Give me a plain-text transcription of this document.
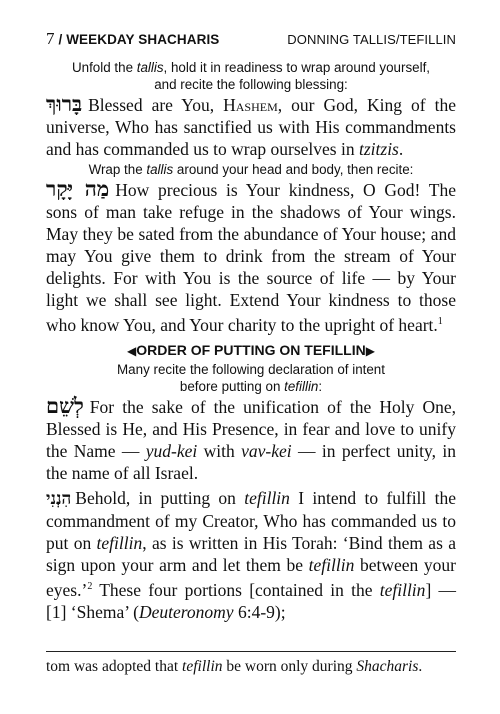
7 / WEEKDAY SHACHARIS	DONNING TALLIS/TEFILLIN

Unfold the tallis, hold it in readiness to wrap around yourself,
and recite the following blessing:

בָּרוּךְ Blessed are You, Hashem, our God, King of the universe, Who has sanctified us with His commandments and has commanded us to wrap ourselves in tzitzis.

Wrap the tallis around your head and body, then recite:

מַה יָּקָר How precious is Your kindness, O God! The sons of man take refuge in the shadows of Your wings. May they be sated from the abundance of Your house; and may You give them to drink from the stream of Your delights. For with You is the source of life — by Your light we shall see light. Extend Your kindness to those who know You, and Your charity to the upright of heart.$^1$

◀ORDER OF PUTTING ON TEFILLIN▶

Many recite the following declaration of intent
before putting on tefillin:

לְשֵׁם For the sake of the unification of the Holy One, Blessed is He, and His Presence, in fear and love to unify the Name — yud-kei with vav-kei — in perfect unity, in the name of all Israel.

הִנְנִי Behold, in putting on tefillin I intend to fulfill the commandment of my Creator, Who has commanded us to put on tefillin, as is written in His Torah: ‘Bind them as a sign upon your arm and let them be tefillin between your eyes.’$^2$ These four portions [contained in the tefillin] — [1] ‘Shema’ (Deuteronomy 6:4-9);

tom was adopted that tefillin be worn only during Shacharis.
